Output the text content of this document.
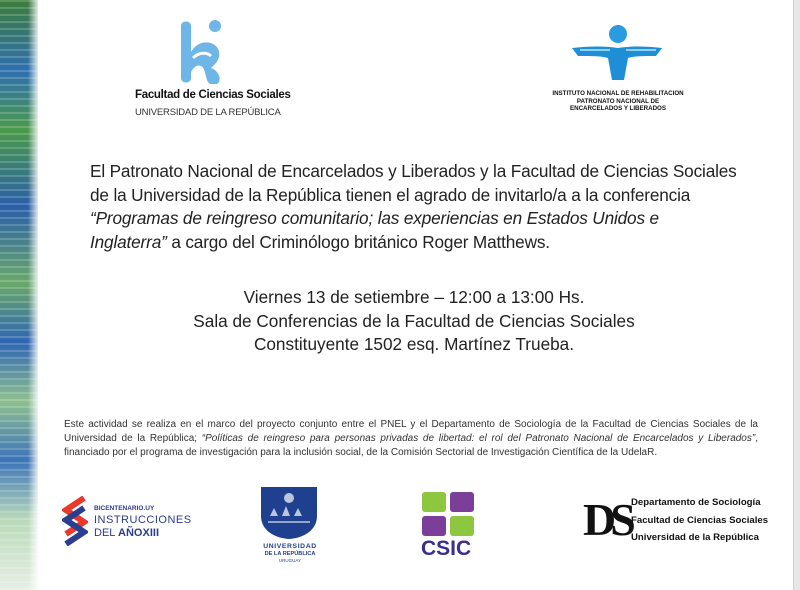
Facultad de Ciencias Sociales
UNIVERSIDAD DE LA REPÚBLICA
INSTITUTO NACIONAL DE REHABILITACION
PATRONATO NACIONAL DE
ENCARCELADOS Y LIBERADOS
El Patronato Nacional de Encarcelados y Liberados y la Facultad de Ciencias Sociales de la Universidad de la República tienen el agrado de invitarlo/a a la conferencia “Programas de reingreso comunitario; las experiencias en Estados Unidos e Inglaterra” a cargo del Criminólogo británico Roger Matthews.
Viernes 13 de setiembre – 12:00 a 13:00 Hs.
Sala de Conferencias de la Facultad de Ciencias Sociales
Constituyente 1502 esq. Martínez Trueba.
Este actividad se realiza en el marco del proyecto conjunto entre el PNEL y el Departamento de Sociología de la Facultad de Ciencias Sociales de la Universidad de la República; “Políticas de reingreso para personas privadas de libertad: el rol del Patronato Nacional de Encarcelados y Liberados”, financiado por el programa de investigación para la inclusión social, de la Comisión Sectorial de Investigación Científica de la UdelaR.
BICENTENARIO.UY
INSTRUCCIONES
DEL AÑOXIII
UNIVERSIDAD
DE LA REPÚBLICA
URUGUAY
CSIC
DS Departamento de Sociología
Facultad de Ciencias Sociales
Universidad de la República
